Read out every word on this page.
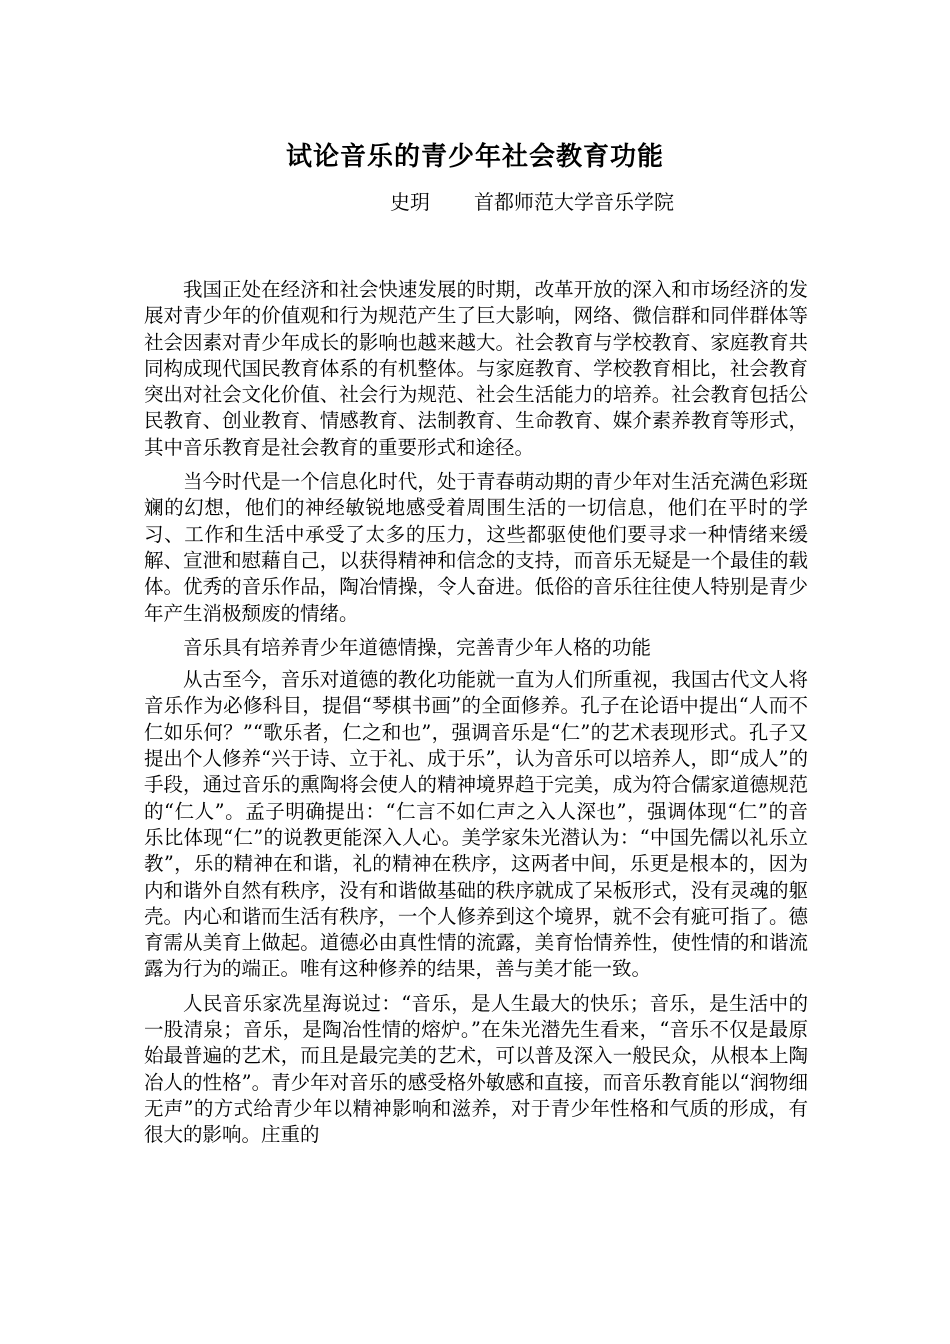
试论音乐的青少年社会教育功能
史玥 首都师范大学音乐学院

我国正处在经济和社会快速发展的时期，改革开放的深入和市场经济的发展对青少年的价值观和行为规范产生了巨大影响，网络、微信群和同伴群体等社会因素对青少年成长的影响也越来越大。社会教育与学校教育、家庭教育共同构成现代国民教育体系的有机整体。与家庭教育、学校教育相比，社会教育突出对社会文化价值、社会行为规范、社会生活能力的培养。社会教育包括公民教育、创业教育、情感教育、法制教育、生命教育、媒介素养教育等形式，其中音乐教育是社会教育的重要形式和途径。

当今时代是一个信息化时代，处于青春萌动期的青少年对生活充满色彩斑斓的幻想，他们的神经敏锐地感受着周围生活的一切信息，他们在平时的学习、工作和生活中承受了太多的压力，这些都驱使他们要寻求一种情绪来缓解、宣泄和慰藉自己，以获得精神和信念的支持，而音乐无疑是一个最佳的载体。优秀的音乐作品，陶冶情操，令人奋进。低俗的音乐往往使人特别是青少年产生消极颓废的情绪。

音乐具有培养青少年道德情操，完善青少年人格的功能

从古至今，音乐对道德的教化功能就一直为人们所重视，我国古代文人将音乐作为必修科目，提倡“琴棋书画”的全面修养。孔子在论语中提出“人而不仁如乐何？”“歌乐者，仁之和也”，强调音乐是“仁”的艺术表现形式。孔子又提出个人修养“兴于诗、立于礼、成于乐”，认为音乐可以培养人，即“成人”的手段，通过音乐的熏陶将会使人的精神境界趋于完美，成为符合儒家道德规范的“仁人”。孟子明确提出：“仁言不如仁声之入人深也”，强调体现“仁”的音乐比体现“仁”的说教更能深入人心。美学家朱光潜认为：“中国先儒以礼乐立教”，乐的精神在和谐，礼的精神在秩序，这两者中间，乐更是根本的，因为内和谐外自然有秩序，没有和谐做基础的秩序就成了呆板形式，没有灵魂的躯壳。内心和谐而生活有秩序，一个人修养到这个境界，就不会有疵可指了。德育需从美育上做起。道德必由真性情的流露，美育怡情养性，使性情的和谐流露为行为的端正。唯有这种修养的结果，善与美才能一致。

人民音乐家冼星海说过：“音乐，是人生最大的快乐；音乐，是生活中的一股清泉；音乐，是陶冶性情的熔炉。”在朱光潜先生看来，“音乐不仅是最原始最普遍的艺术，而且是最完美的艺术，可以普及深入一般民众，从根本上陶冶人的性格”。青少年对音乐的感受格外敏感和直接，而音乐教育能以“润物细无声”的方式给青少年以精神影响和滋养，对于青少年性格和气质的形成，有很大的影响。庄重的
